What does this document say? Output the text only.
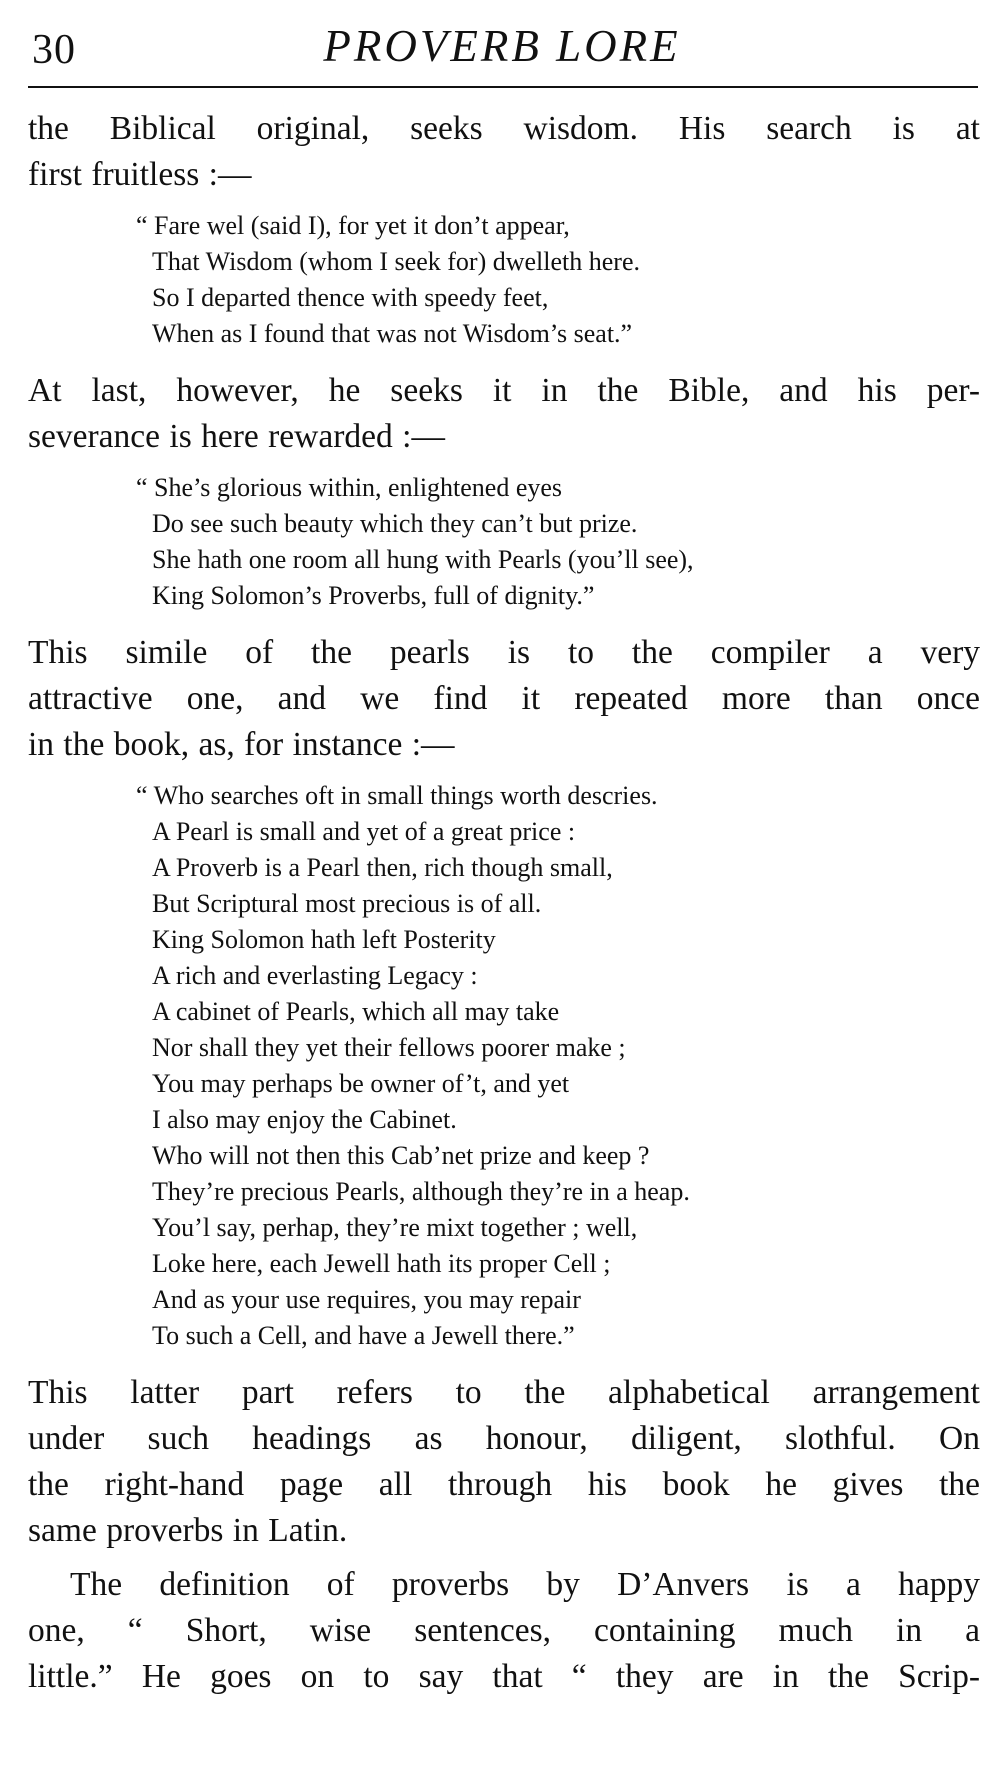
30	PROVERB LORE

the Biblical original, seeks wisdom. His search is at
first fruitless :—

“ Fare wel (said I), for yet it don’t appear,
That Wisdom (whom I seek for) dwelleth here.
So I departed thence with speedy feet,
When as I found that was not Wisdom’s seat.”

At last, however, he seeks it in the Bible, and his per-
severance is here rewarded :—

“ She’s glorious within, enlightened eyes
Do see such beauty which they can’t but prize.
She hath one room all hung with Pearls (you’ll see),
King Solomon’s Proverbs, full of dignity.”

This simile of the pearls is to the compiler a very
attractive one, and we find it repeated more than once
in the book, as, for instance :—

“ Who searches oft in small things worth descries.
A Pearl is small and yet of a great price :
A Proverb is a Pearl then, rich though small,
But Scriptural most precious is of all.
King Solomon hath left Posterity
A rich and everlasting Legacy :
A cabinet of Pearls, which all may take
Nor shall they yet their fellows poorer make ;
You may perhaps be owner of’t, and yet
I also may enjoy the Cabinet.
Who will not then this Cab’net prize and keep ?
They’re precious Pearls, although they’re in a heap.
You’l say, perhap, they’re mixt together ; well,
Loke here, each Jewell hath its proper Cell ;
And as your use requires, you may repair
To such a Cell, and have a Jewell there.”

This latter part refers to the alphabetical arrangement
under such headings as honour, diligent, slothful. On
the right-hand page all through his book he gives the
same proverbs in Latin.

The definition of proverbs by D’Anvers is a happy
one, “ Short, wise sentences, containing much in a
little.” He goes on to say that “ they are in the Scrip-
